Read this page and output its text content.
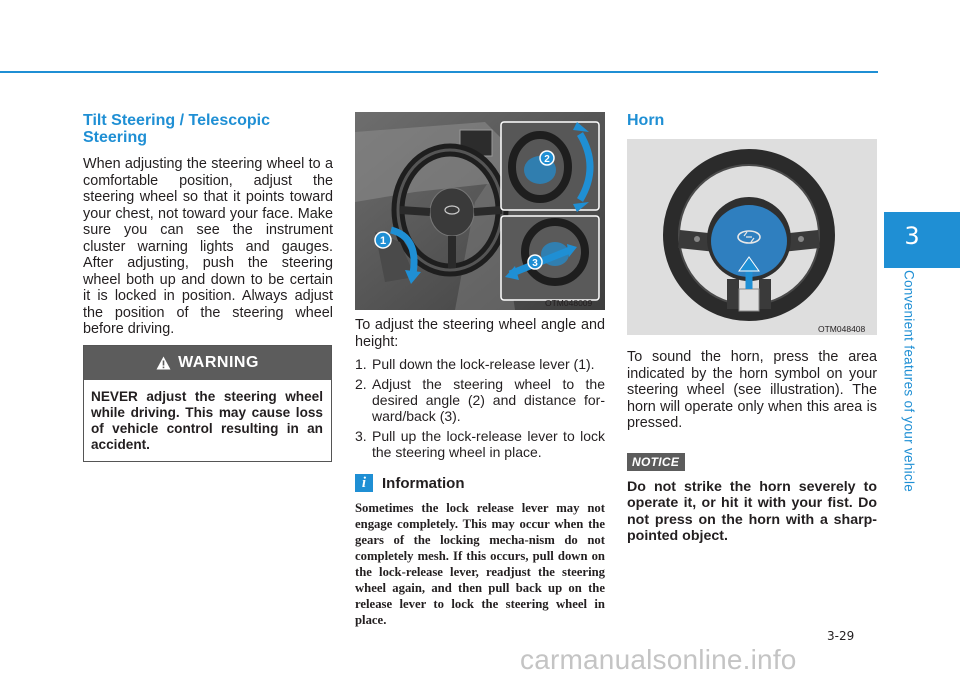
3
Convenient features of your vehicle
Tilt Steering / Telescopic Steering

When adjusting the steering wheel to a comfortable position, adjust the steering wheel so that it points toward your chest, not toward your face. Make sure you can see the instrument cluster warning lights and gauges. After adjusting, push the steering wheel both up and down to be certain it is locked in position. Always adjust the position of the steering wheel before driving.

WARNING
NEVER adjust the steering wheel while driving. This may cause loss of vehicle control resulting in an accident.
1
2
3
OTM048009

To adjust the steering wheel angle and height:

1. Pull down the lock-release lever (1).
2. Adjust the steering wheel to the desired angle (2) and distance for-ward/back (3).
3. Pull up the lock-release lever to lock the steering wheel in place.
i	Information
Sometimes the lock release lever may not engage completely. This may occur when the gears of the locking mecha-nism do not completely mesh. If this occurs, pull down on the lock-release lever, readjust the steering wheel again, and then pull back up on the release lever to lock the steering wheel in place.
Horn
OTM048408

To sound the horn, press the area indicated by the horn symbol on your steering wheel (see illustration). The horn will operate only when this area is pressed.

NOTICE
Do not strike the horn severely to operate it, or hit it with your fist. Do not press on the horn with a sharp-pointed object.
3-29
carmanualsonline.info
